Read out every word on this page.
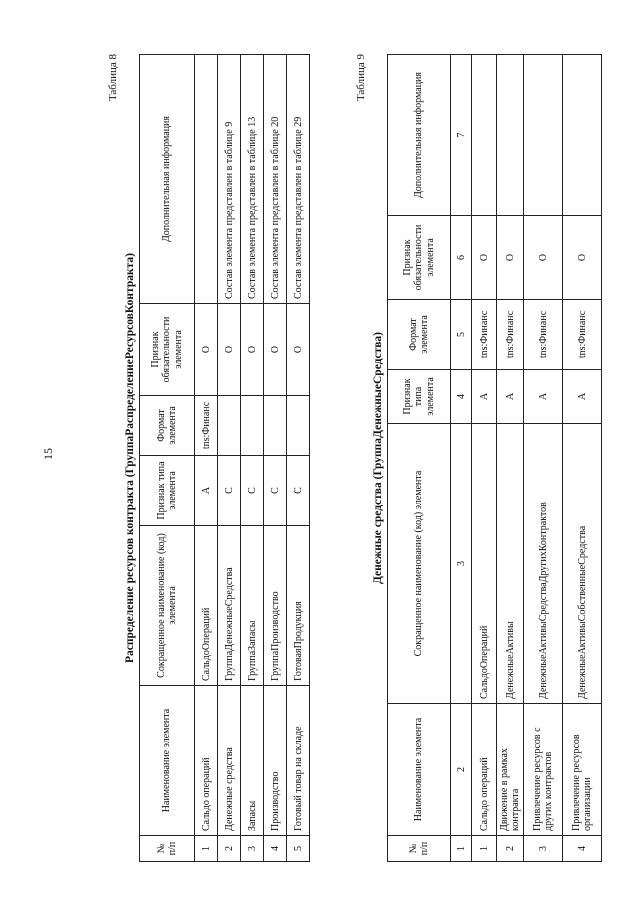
15
Таблица 8
Распределение ресурсов контракта (ГруппаРаспределениеРесурсовКонтракта)
№ п/п	Наименование элемента	Сокращенное наименование (код) элемента	Признак типа элемента	Формат элемента	Признак обязательности элемента	Дополнительная информация
1	Сальдо операций	СальдоОпераций	А	tns:Финанс	О	
2	Денежные средства	ГруппаДенежныеСредства	С		О	Состав элемента представлен в таблице 9
3	Запасы	ГруппаЗапасы	С		О	Состав элемента представлен в таблице 13
4	Производство	ГруппаПроизводство	С		О	Состав элемента представлен в таблице 20
5	Готовый товар на складе	ГотоваяПродукция	С		О	Состав элемента представлен в таблице 29
Таблица 9
Денежные средства (ГруппаДенежныеСредства)
№ п/п	Наименование элемента	Сокращенное наименование (код) элемента	Признак типа элемента	Формат элемента	Признак обязательности элемента	Дополнительная информация
1	2	3	4	5	6	7
1	Сальдо операций	СальдоОпераций	А	tns:Финанс	О	
2	Движение в рамках контракта	ДенежныеАктивы	А	tns:Финанс	О	
3	Привлечение ресурсов с других контрактов	ДенежныеАктивыСредстваДругихКонтрактов	А	tns:Финанс	О	
4	Привлечение ресурсов организации	ДенежныеАктивыСобственныеСредства	А	tns:Финанс	О	
